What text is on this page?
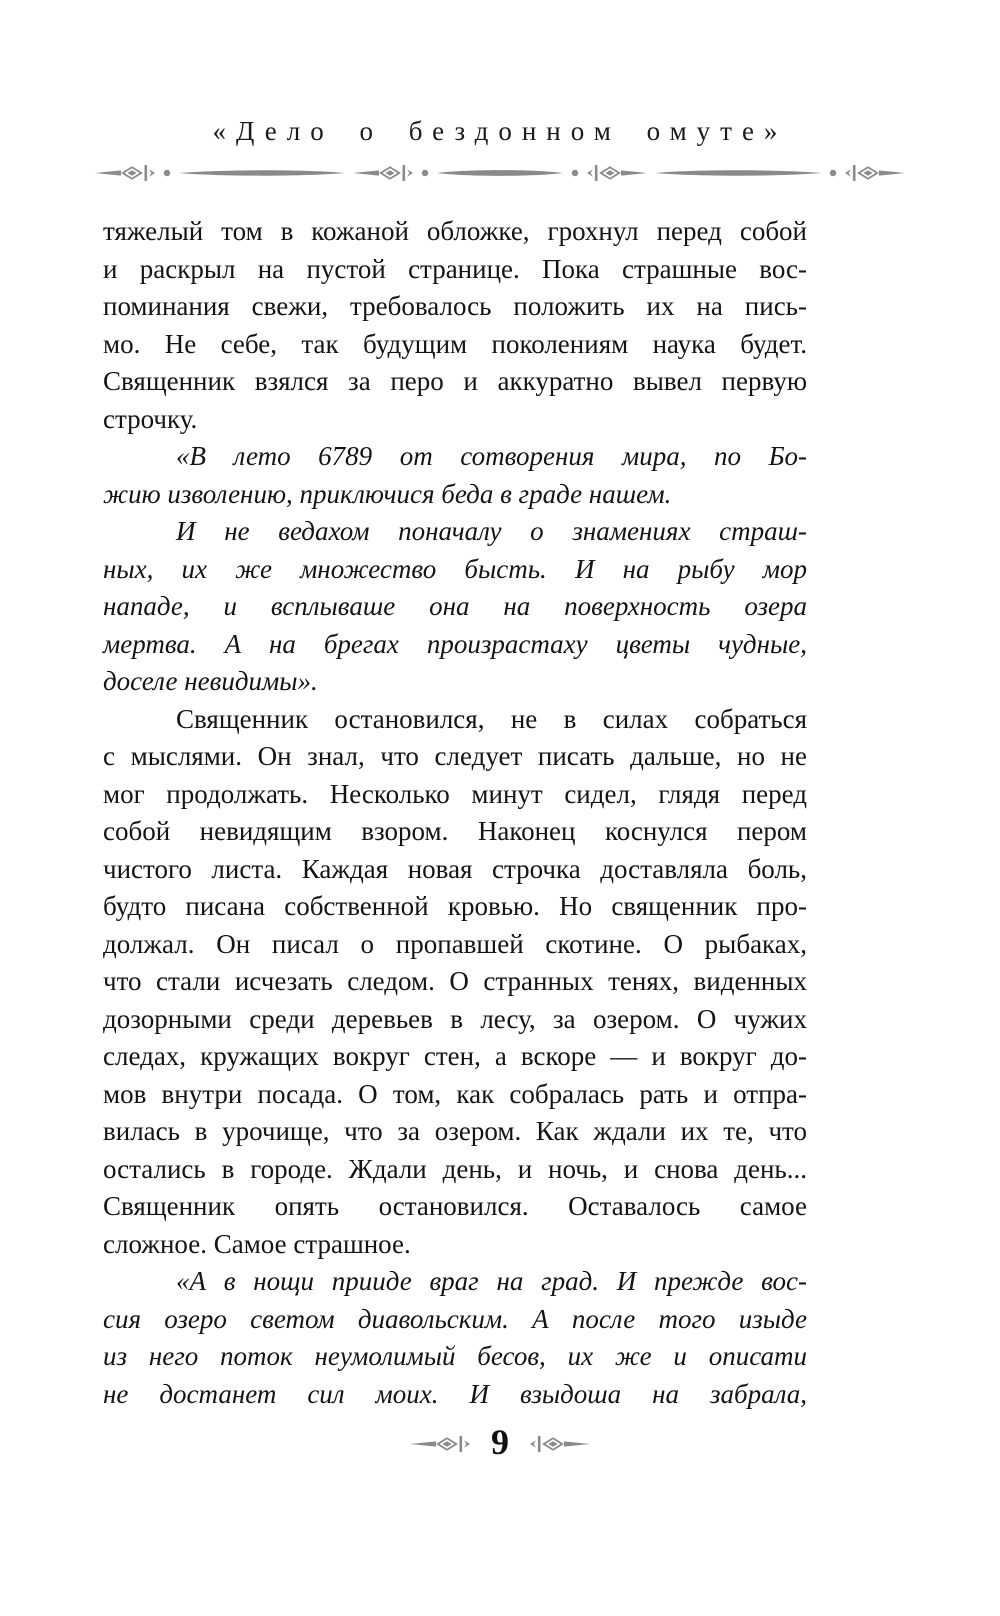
«Дело о бездонном омуте»
тяжелый том в кожаной обложке, грохнул перед собой
и раскрыл на пустой странице. Пока страшные вос-
поминания свежи, требовалось положить их на пись-
мо. Не себе, так будущим поколениям наука будет.
Священник взялся за перо и аккуратно вывел первую
строчку.
«В лето 6789 от сотворения мира, по Бо-
жию изволению, приключися беда в граде нашем.
И не ведахом поначалу о знамениях страш-
ных, их же множество бысть. И на рыбу мор
нападе, и всплываше она на поверхность озера
мертва. А на брегах произрастаху цветы чудные,
доселе невидимы».
Священник остановился, не в силах собраться
с мыслями. Он знал, что следует писать дальше, но не
мог продолжать. Несколько минут сидел, глядя перед
собой невидящим взором. Наконец коснулся пером
чистого листа. Каждая новая строчка доставляла боль,
будто писана собственной кровью. Но священник про-
должал. Он писал о пропавшей скотине. О рыбаках,
что стали исчезать следом. О странных тенях, виденных
дозорными среди деревьев в лесу, за озером. О чужих
следах, кружащих вокруг стен, а вскоре — и вокруг до-
мов внутри посада. О том, как собралась рать и отпра-
вилась в урочище, что за озером. Как ждали их те, что
остались в городе. Ждали день, и ночь, и снова день...
Священник опять остановился. Оставалось самое
сложное. Самое страшное.
«А в нощи прииде враг на град. И прежде вос-
сия озеро светом диавольским. А после того изыде
из него поток неумолимый бесов, их же и описати
не достанет сил моих. И взыдоша на забрала,
9
